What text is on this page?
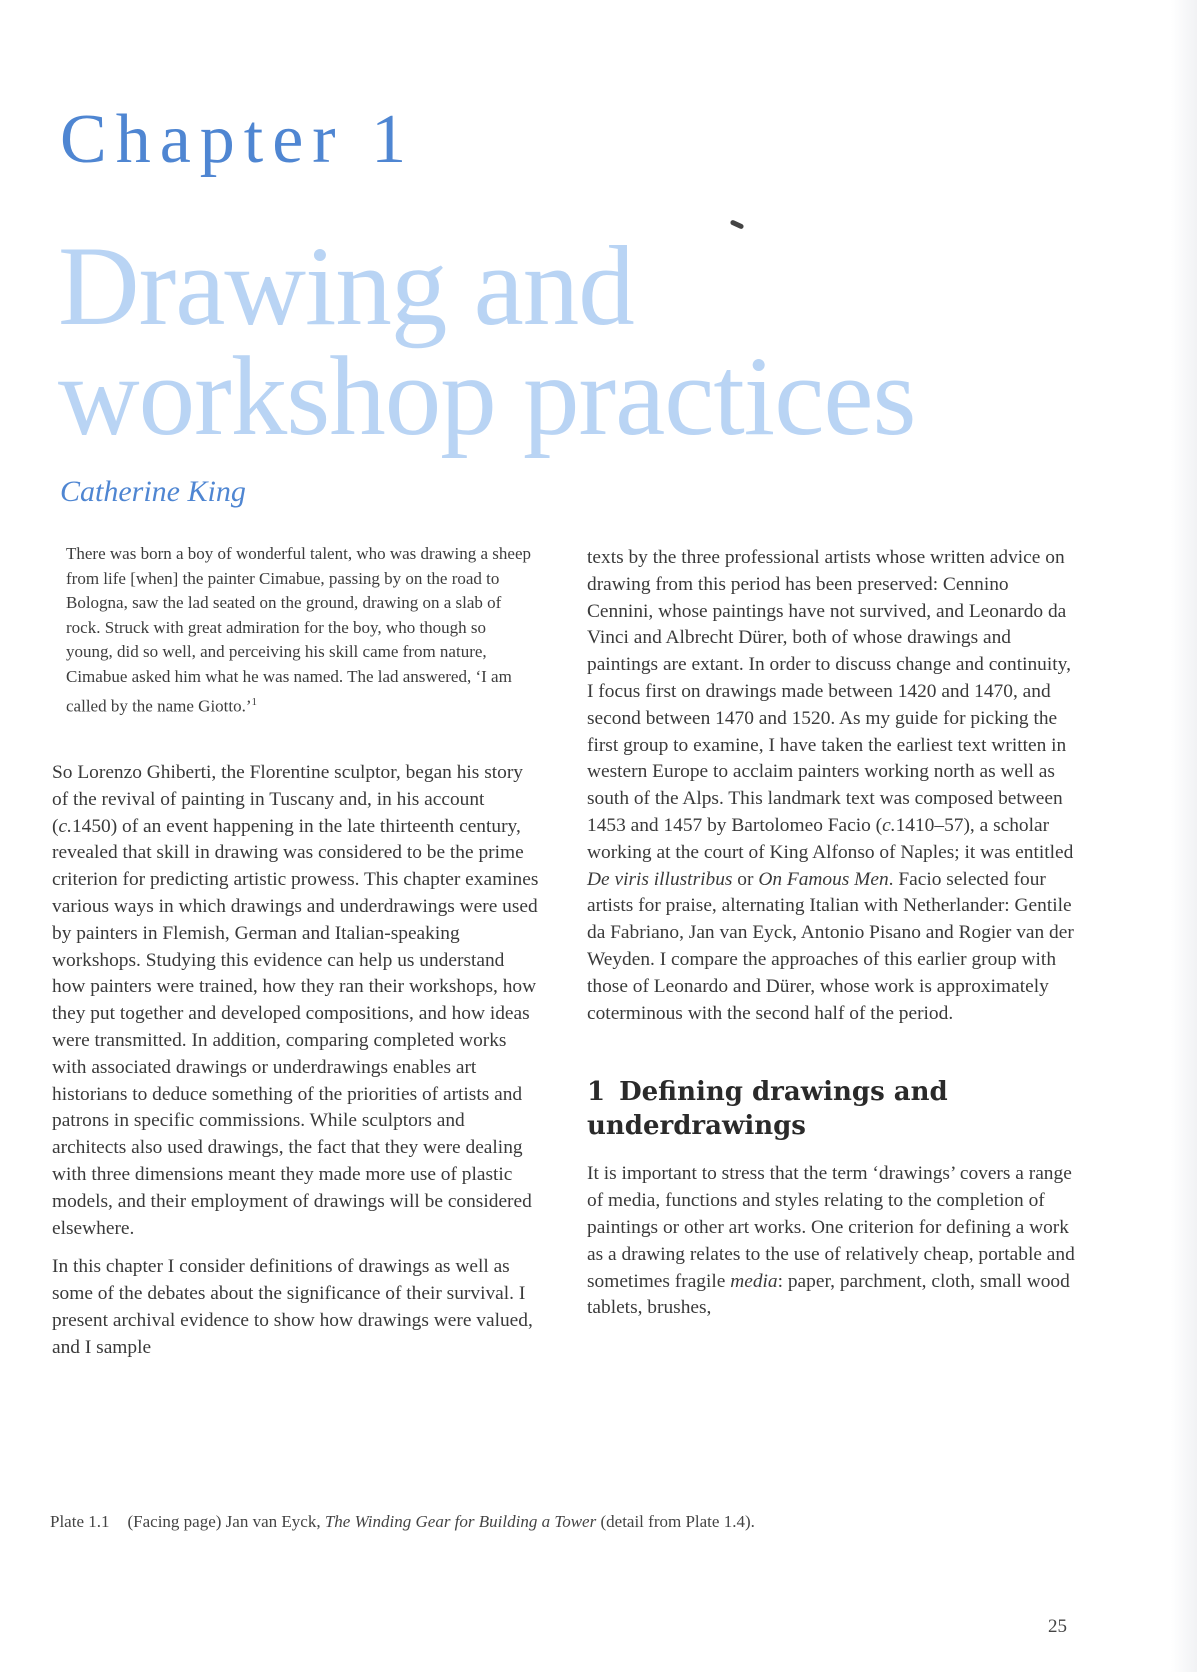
Chapter 1
Drawing and
workshop practices
Catherine King

There was born a boy of wonderful talent, who was drawing a sheep from life [when] the painter Cimabue, passing by on the road to Bologna, saw the lad seated on the ground, drawing on a slab of rock. Struck with great admiration for the boy, who though so young, did so well, and perceiving his skill came from nature, Cimabue asked him what he was named. The lad answered, ‘I am called by the name Giotto.’$^1$

So Lorenzo Ghiberti, the Florentine sculptor, began his story of the revival of painting in Tuscany and, in his account (c.1450) of an event happening in the late thirteenth century, revealed that skill in drawing was considered to be the prime criterion for predicting artistic prowess. This chapter examines various ways in which drawings and underdrawings were used by painters in Flemish, German and Italian-speaking workshops. Studying this evidence can help us understand how painters were trained, how they ran their workshops, how they put together and developed compositions, and how ideas were transmitted. In addition, comparing completed works with associated drawings or underdrawings enables art historians to deduce something of the priorities of artists and patrons in specific commissions. While sculptors and architects also used drawings, the fact that they were dealing with three dimensions meant they made more use of plastic models, and their employment of drawings will be considered elsewhere.

In this chapter I consider definitions of drawings as well as some of the debates about the significance of their survival. I present archival evidence to show how drawings were valued, and I sample

texts by the three professional artists whose written advice on drawing from this period has been preserved: Cennino Cennini, whose paintings have not survived, and Leonardo da Vinci and Albrecht Dürer, both of whose drawings and paintings are extant. In order to discuss change and continuity, I focus first on drawings made between 1420 and 1470, and second between 1470 and 1520. As my guide for picking the first group to examine, I have taken the earliest text written in western Europe to acclaim painters working north as well as south of the Alps. This landmark text was composed between 1453 and 1457 by Bartolomeo Facio (c.1410–57), a scholar working at the court of King Alfonso of Naples; it was entitled De viris illustribus or On Famous Men. Facio selected four artists for praise, alternating Italian with Netherlander: Gentile da Fabriano, Jan van Eyck, Antonio Pisano and Rogier van der Weyden. I compare the approaches of this earlier group with those of Leonardo and Dürer, whose work is approximately coterminous with the second half of the period.

1 Defining drawings and underdrawings

It is important to stress that the term ‘drawings’ covers a range of media, functions and styles relating to the completion of paintings or other art works. One criterion for defining a work as a drawing relates to the use of relatively cheap, portable and sometimes fragile media: paper, parchment, cloth, small wood tablets, brushes,

Plate 1.1 (Facing page) Jan van Eyck, The Winding Gear for Building a Tower (detail from Plate 1.4).
25
